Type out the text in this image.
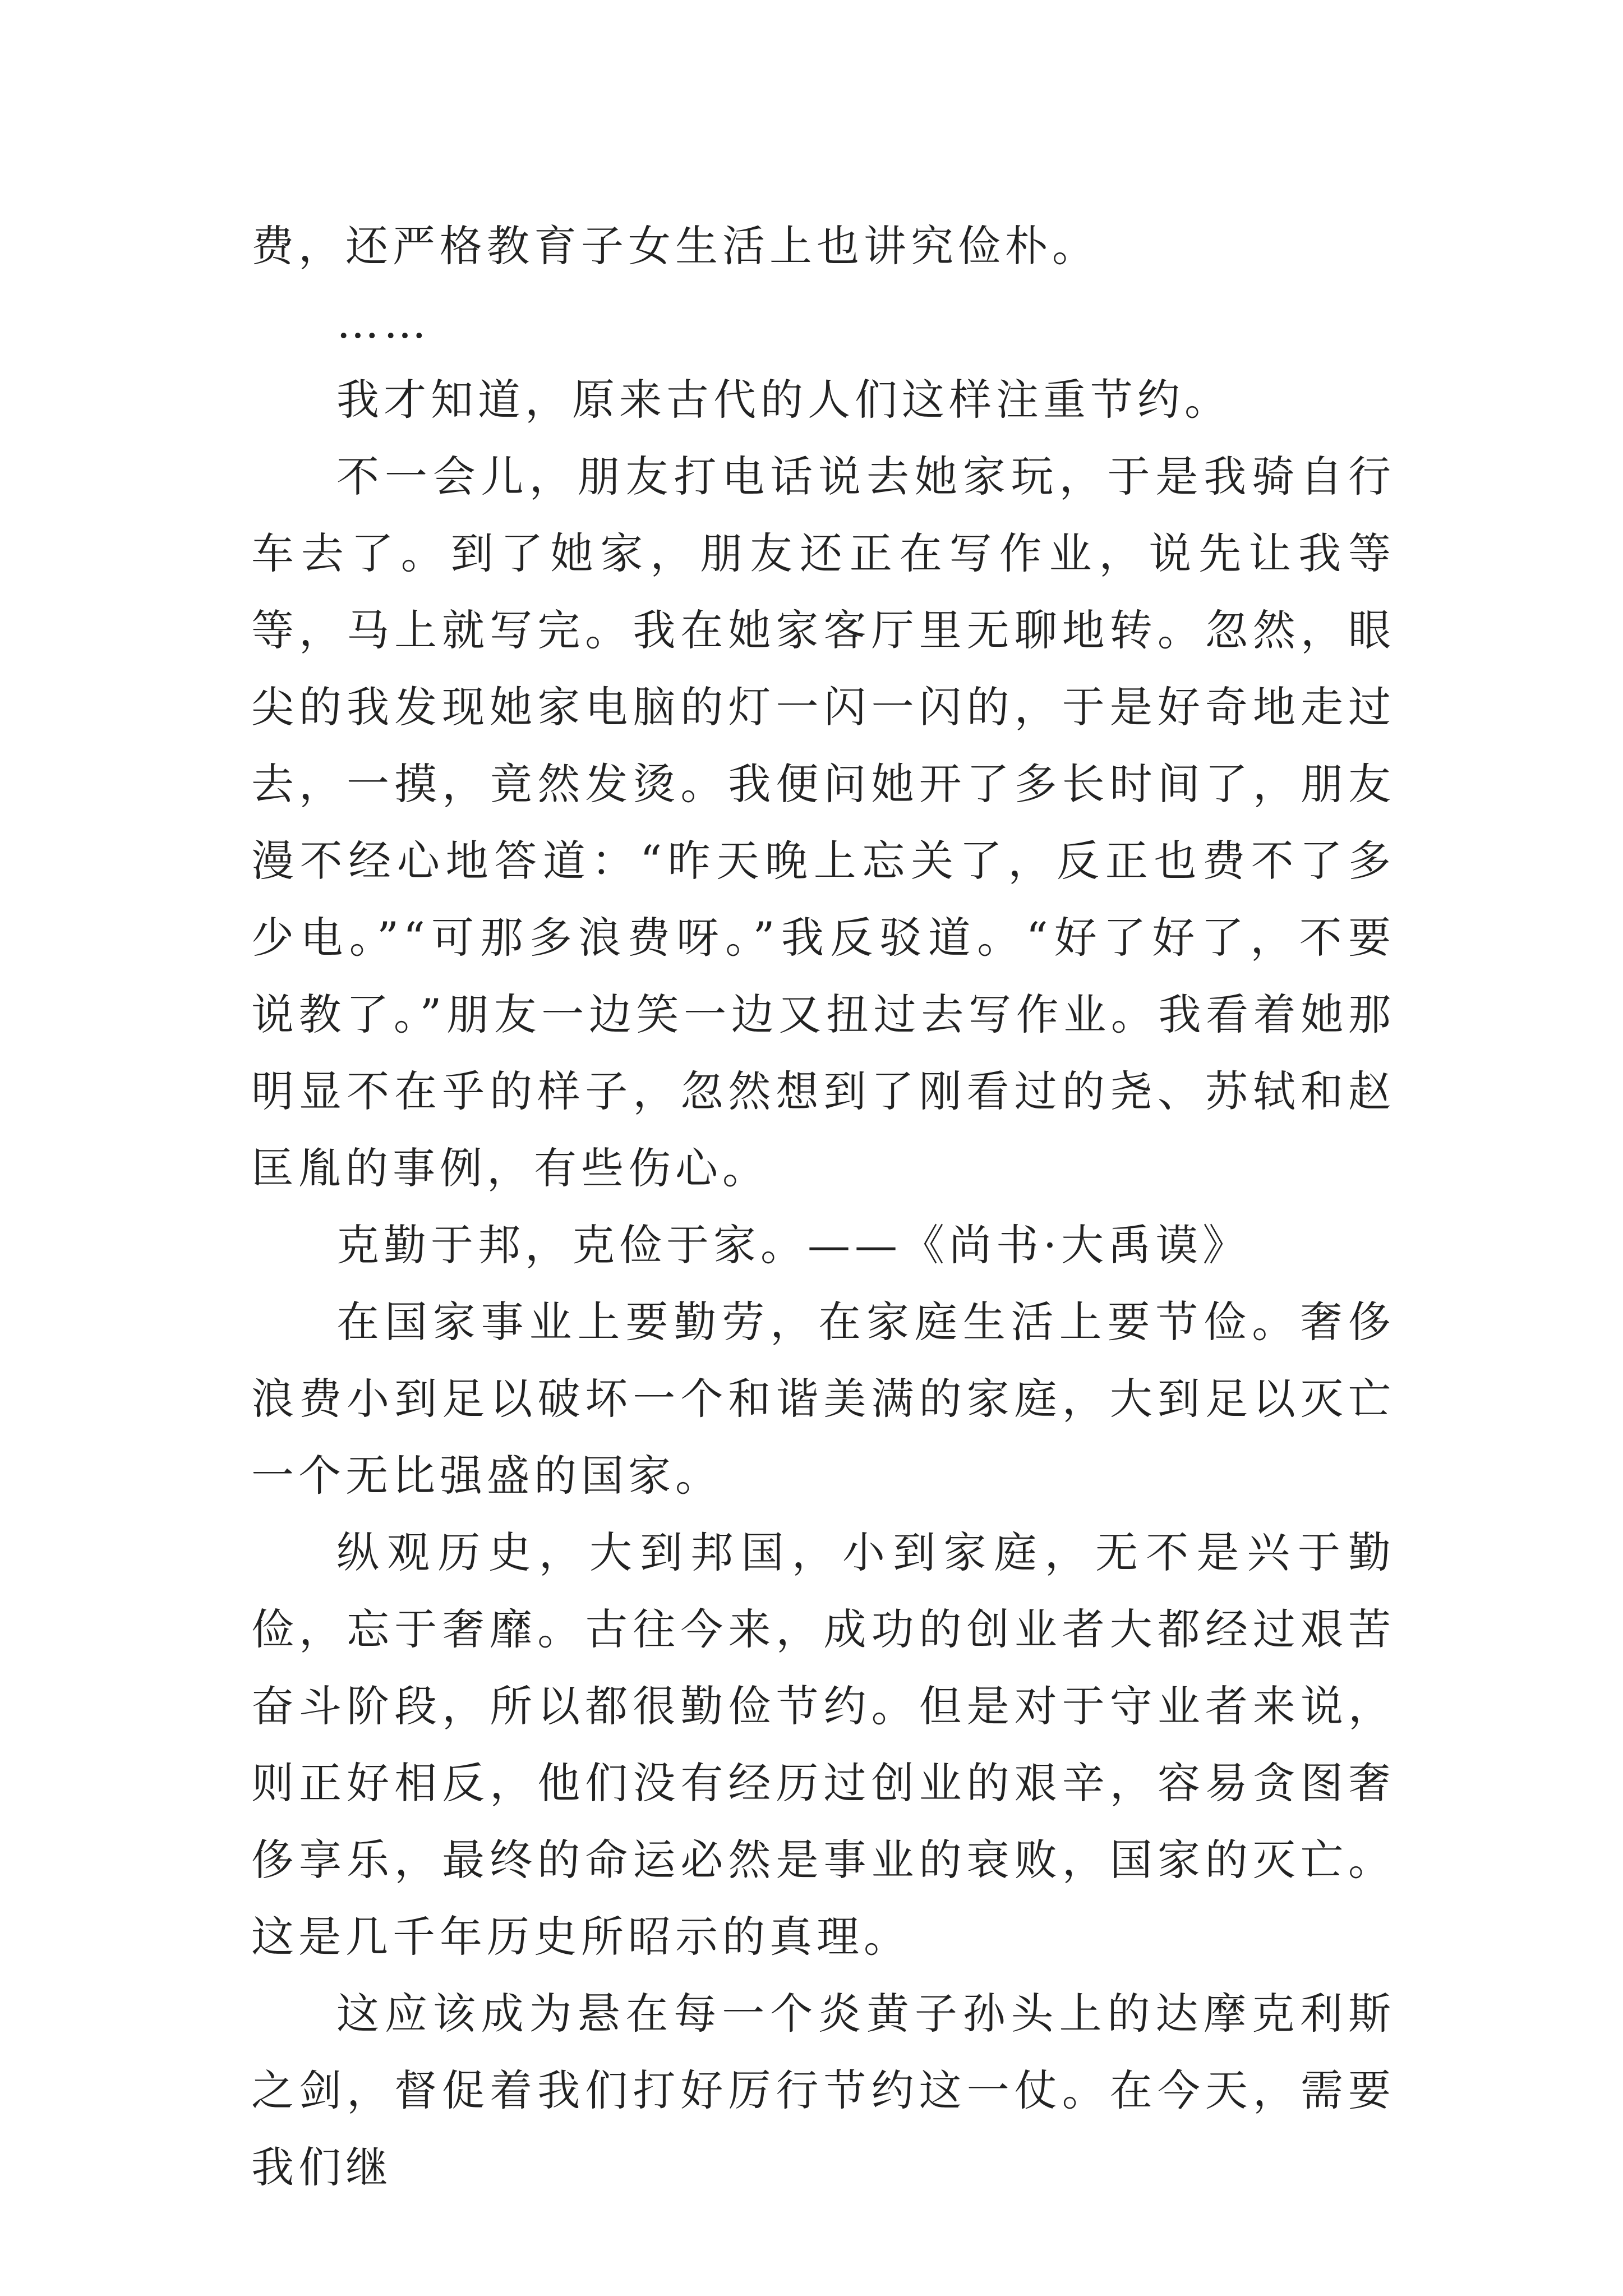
费，还严格教育子女生活上也讲究俭朴。

……

我才知道，原来古代的人们这样注重节约。

不一会儿，朋友打电话说去她家玩，于是我骑自行车去了。到了她家，朋友还正在写作业，说先让我等等，马上就写完。我在她家客厅里无聊地转。忽然，眼尖的我发现她家电脑的灯一闪一闪的，于是好奇地走过去，一摸，竟然发烫。我便问她开了多长时间了，朋友漫不经心地答道：“昨天晚上忘关了，反正也费不了多少电。”“可那多浪费呀。”我反驳道。“好了好了，不要说教了。”朋友一边笑一边又扭过去写作业。我看着她那明显不在乎的样子，忽然想到了刚看过的尧、苏轼和赵匡胤的事例，有些伤心。

克勤于邦，克俭于家。——《尚书·大禹谟》

在国家事业上要勤劳，在家庭生活上要节俭。奢侈浪费小到足以破坏一个和谐美满的家庭，大到足以灭亡一个无比强盛的国家。

纵观历史，大到邦国，小到家庭，无不是兴于勤俭，忘于奢靡。古往今来，成功的创业者大都经过艰苦奋斗阶段，所以都很勤俭节约。但是对于守业者来说，则正好相反，他们没有经历过创业的艰辛，容易贪图奢侈享乐，最终的命运必然是事业的衰败，国家的灭亡。这是几千年历史所昭示的真理。

这应该成为悬在每一个炎黄子孙头上的达摩克利斯之剑，督促着我们打好厉行节约这一仗。在今天，需要我们继
